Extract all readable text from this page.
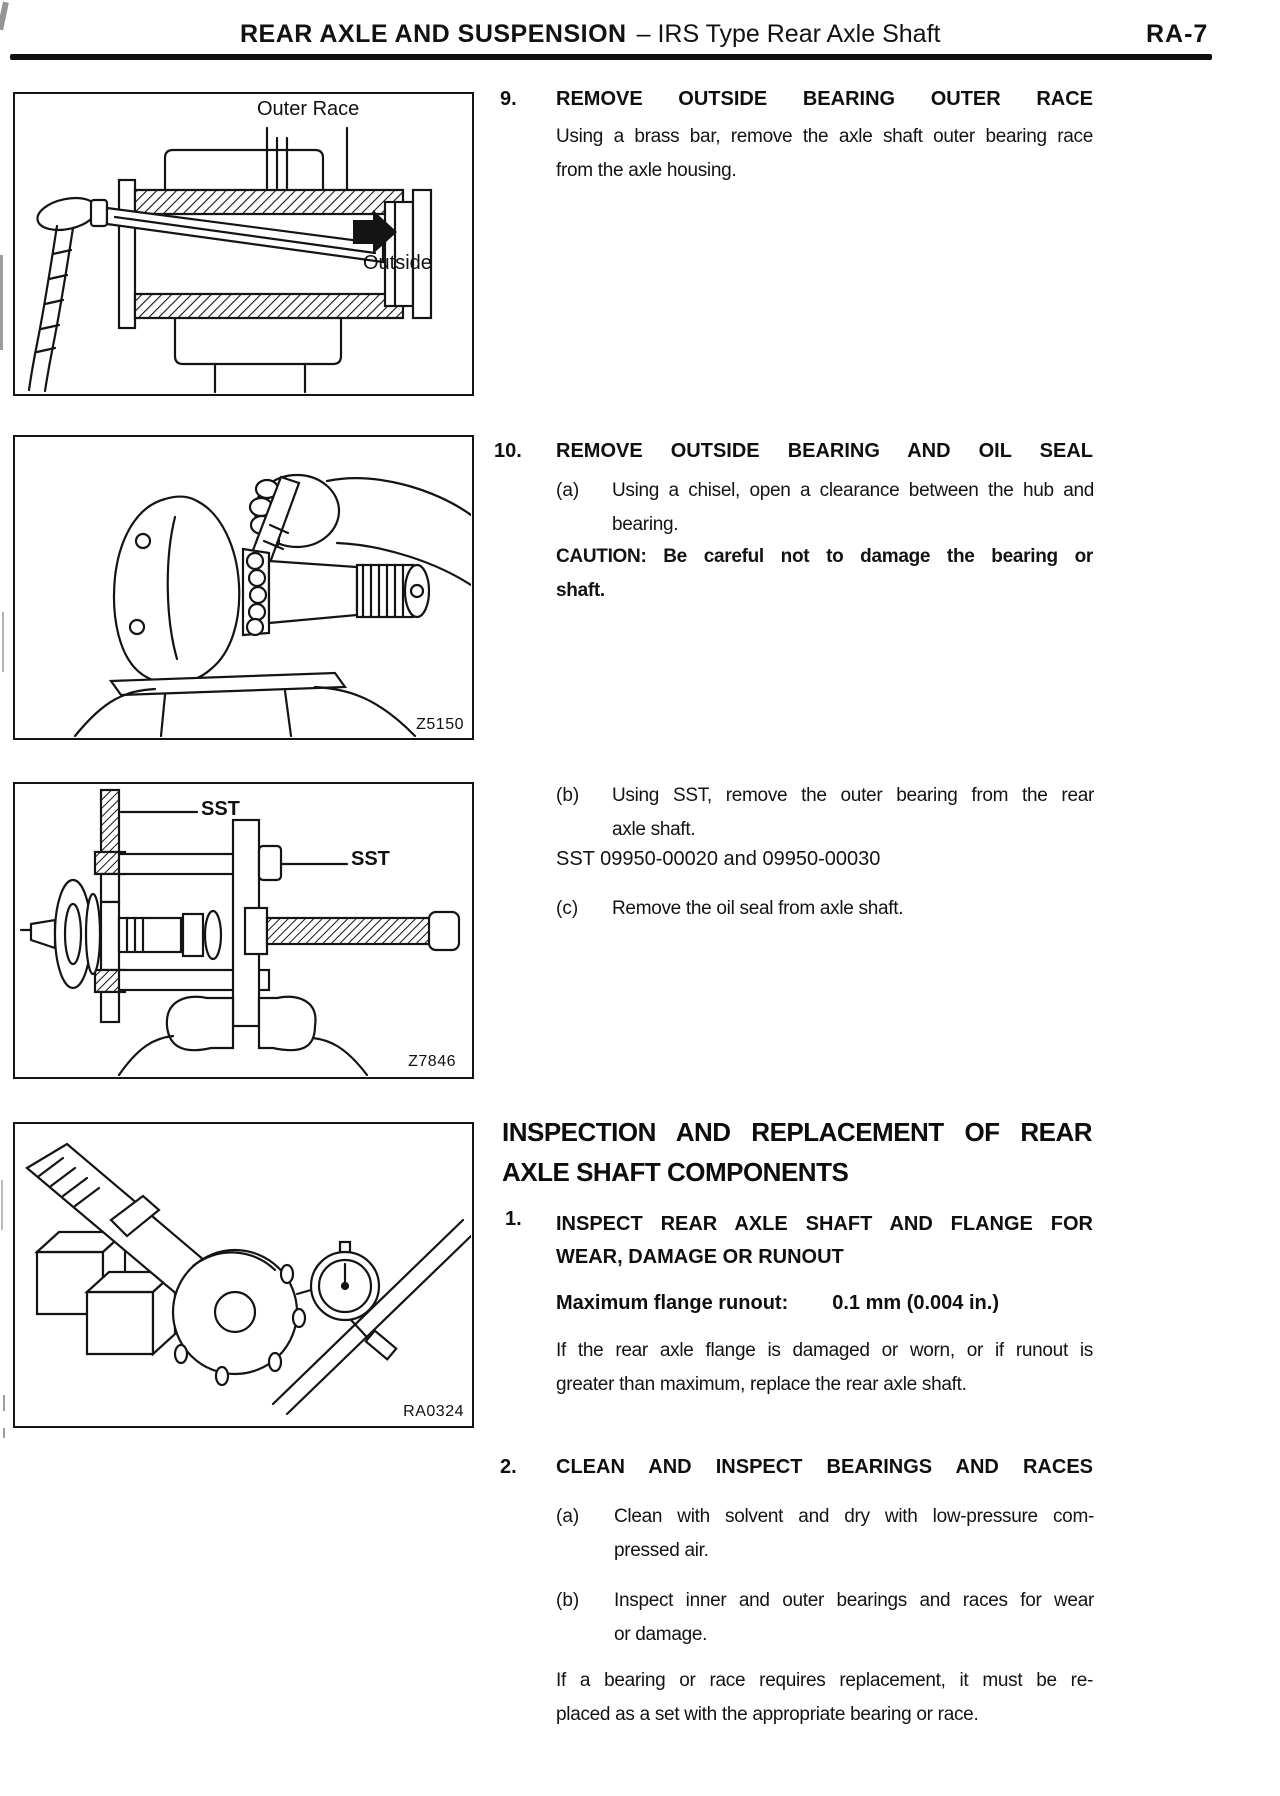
REAR AXLE AND SUSPENSION – IRS Type Rear Axle Shaft	RA-7
Outer Race
Outside
Z5150
SST
SST
Z7846
RA0324
9. REMOVE OUTSIDE BEARING OUTER RACE
Using a brass bar, remove the axle shaft outer bearing race
from the axle housing.
10. REMOVE OUTSIDE BEARING AND OIL SEAL
(a) Using a chisel, open a clearance between the hub and
bearing.
CAUTION: Be careful not to damage the bearing or
shaft.
(b) Using SST, remove the outer bearing from the rear
axle shaft.
SST 09950-00020 and 09950-00030
(c) Remove the oil seal from axle shaft.
INSPECTION AND REPLACEMENT OF REAR
AXLE SHAFT COMPONENTS
1. INSPECT REAR AXLE SHAFT AND FLANGE FOR
WEAR, DAMAGE OR RUNOUT
Maximum flange runout: 0.1 mm (0.004 in.)
If the rear axle flange is damaged or worn, or if runout is
greater than maximum, replace the rear axle shaft.
2. CLEAN AND INSPECT BEARINGS AND RACES
(a) Clean with solvent and dry with low-pressure com-
pressed air.
(b) Inspect inner and outer bearings and races for wear
or damage.
If a bearing or race requires replacement, it must be re-
placed as a set with the appropriate bearing or race.
